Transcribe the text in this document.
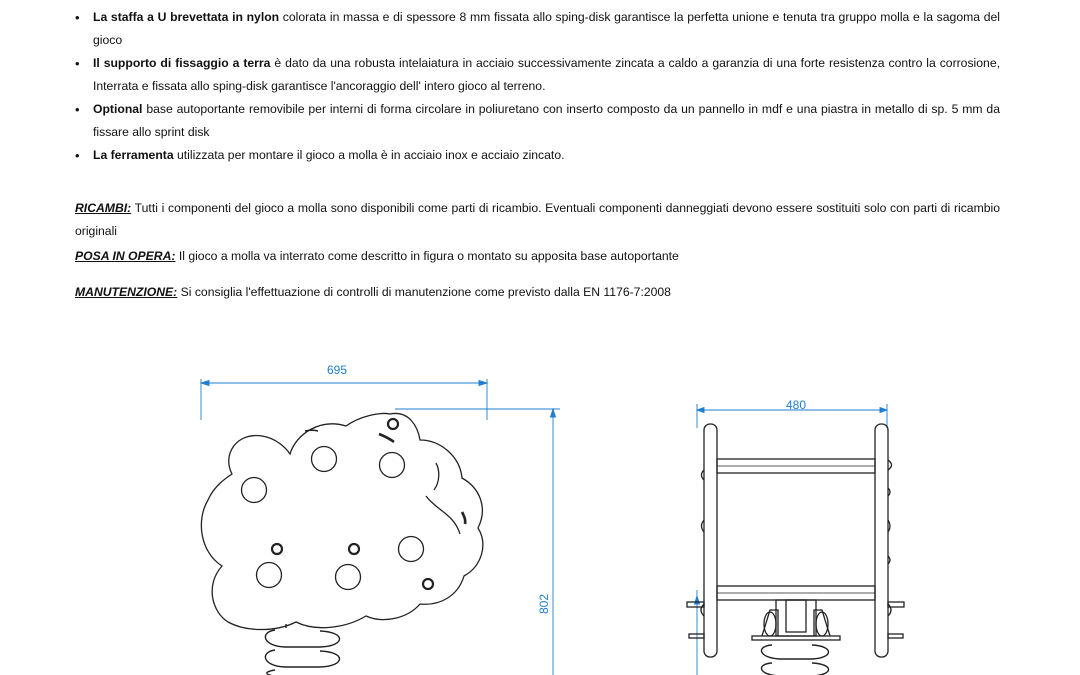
• La staffa a U brevettata in nylon colorata in massa e di spessore 8 mm fissata allo sping-disk garantisce la perfetta unione e tenuta tra gruppo molla e la sagoma del gioco
• Il supporto di fissaggio a terra è dato da una robusta intelaiatura in acciaio successivamente zincata a caldo a garanzia di una forte resistenza contro la corrosione, Interrata e fissata allo sping-disk garantisce l'ancoraggio dell' intero gioco al terreno.
• Optional base autoportante removibile per interni di forma circolare in poliuretano con inserto composto da un pannello in mdf e una piastra in metallo di sp. 5 mm da fissare allo sprint disk
• La ferramenta utilizzata per montare il gioco a molla è in acciaio inox e acciaio zincato.

RICAMBI: Tutti i componenti del gioco a molla sono disponibili come parti di ricambio. Eventuali componenti danneggiati devono essere sostituiti solo con parti di ricambio originali

POSA IN OPERA: Il gioco a molla va interrato come descritto in figura o montato su apposita base autoportante

MANUTENZIONE: Si consiglia l'effettuazione di controlli di manutenzione come previsto dalla EN 1176-7:2008

695
802
480
